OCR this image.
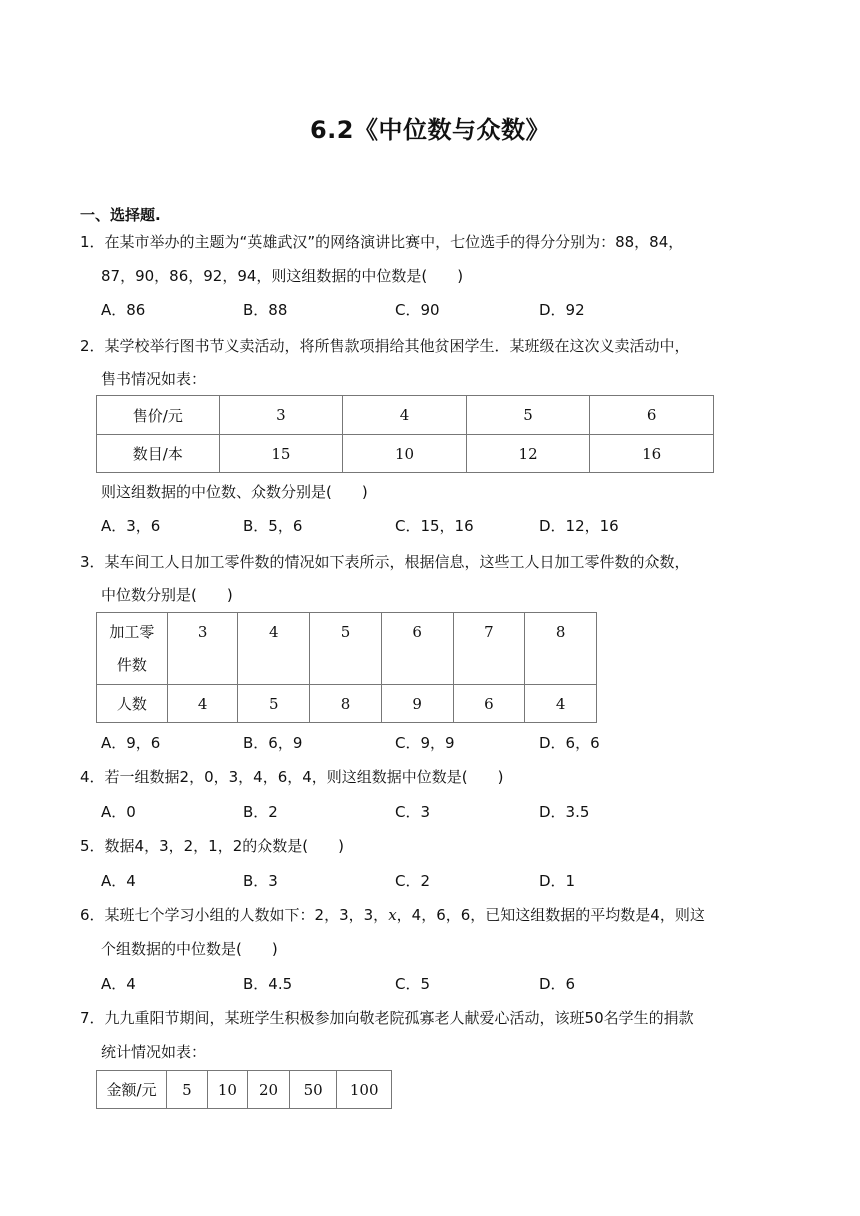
6.2《中位数与众数》
一、选择题.
1．在某市举办的主题为“英雄武汉”的网络演讲比赛中，七位选手的得分分别为：88，84，
87，90，86，92，94，则这组数据的中位数是(　　)
A．86	B．88	C．90	D．92
2．某学校举行图书节义卖活动，将所售款项捐给其他贫困学生．某班级在这次义卖活动中，
售书情况如表：
售价/元	3	4	5	6
数目/本	15	10	12	16
则这组数据的中位数、众数分别是(　　)
A．3，6	B．5，6	C．15，16	D．12，16
3．某车间工人日加工零件数的情况如下表所示，根据信息，这些工人日加工零件数的众数，
中位数分别是(　　)
加工零
件数	3	4	5	6	7	8
人数	4	5	8	9	6	4
A．9，6	B．6，9	C．9，9	D．6，6
4．若一组数据2，0，3，4，6，4，则这组数据中位数是(　　)
A．0	B．2	C．3	D．3.5
5．数据4，3，2，1，2的众数是(　　)
A．4	B．3	C．2	D．1
6．某班七个学习小组的人数如下：2，3，3，x，4，6，6，已知这组数据的平均数是4，则这
个组数据的中位数是(　　)
A．4	B．4.5	C．5	D．6
7．九九重阳节期间，某班学生积极参加向敬老院孤寡老人献爱心活动，该班50名学生的捐款
统计情况如表：
金额/元	5	10	20	50	100
